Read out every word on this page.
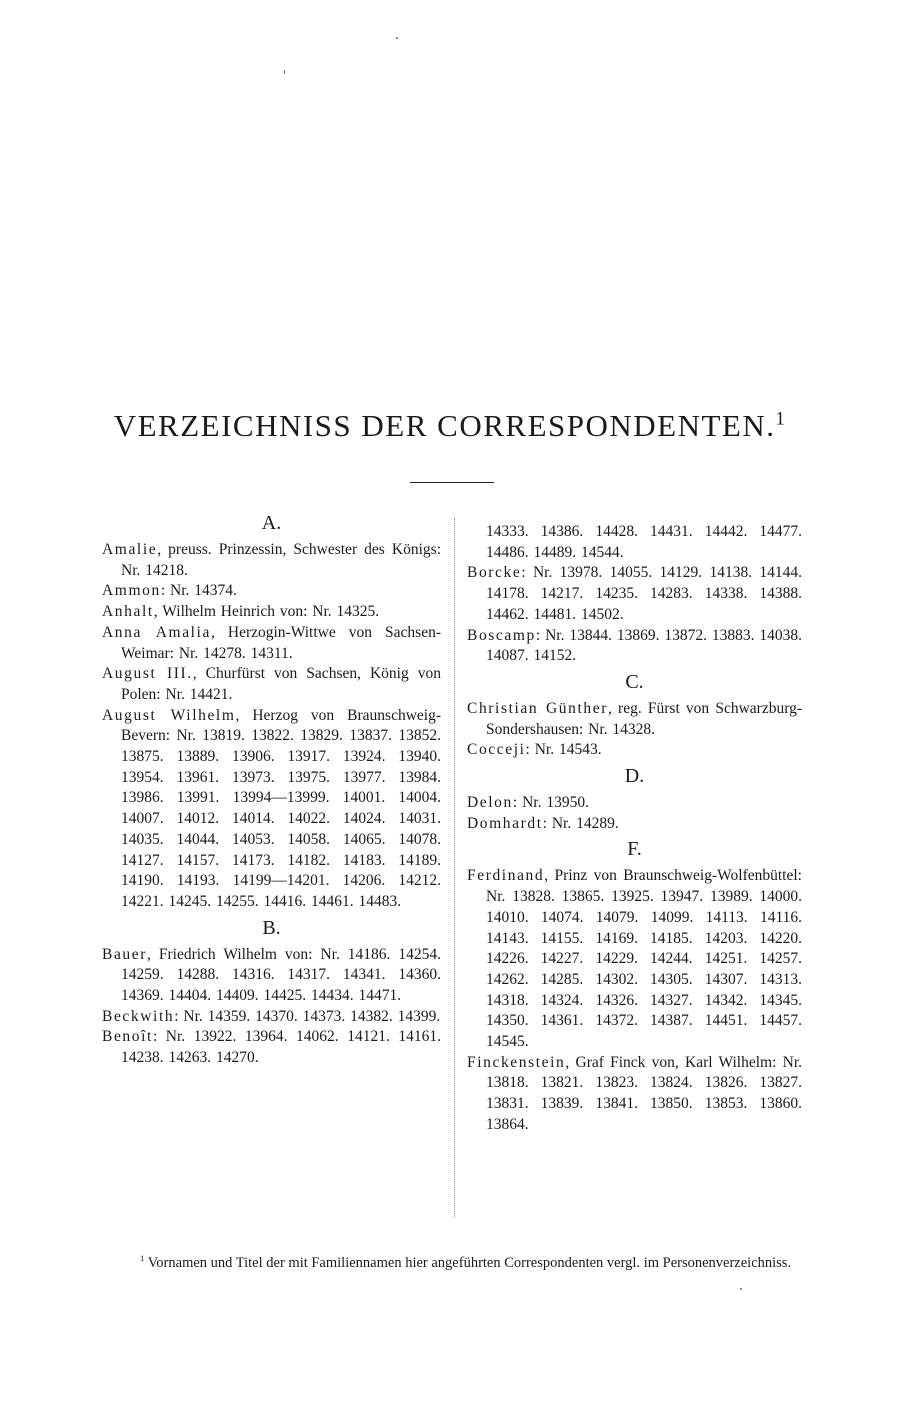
VERZEICHNISS DER CORRESPONDENTEN.$^1$
A.
Amalie, preuss. Prinzessin, Schwester des Königs: Nr. 14218.
Ammon: Nr. 14374.
Anhalt, Wilhelm Heinrich von: Nr. 14325.
Anna Amalia, Herzogin-Wittwe von Sachsen-Weimar: Nr. 14278. 14311.
August III., Churfürst von Sachsen, König von Polen: Nr. 14421.
August Wilhelm, Herzog von Braunschweig-Bevern: Nr. 13819. 13822. 13829. 13837. 13852. 13875. 13889. 13906. 13917. 13924. 13940. 13954. 13961. 13973. 13975. 13977. 13984. 13986. 13991. 13994—13999. 14001. 14004. 14007. 14012. 14014. 14022. 14024. 14031. 14035. 14044. 14053. 14058. 14065. 14078. 14127. 14157. 14173. 14182. 14183. 14189. 14190. 14193. 14199—14201. 14206. 14212. 14221. 14245. 14255. 14416. 14461. 14483.
B.
Bauer, Friedrich Wilhelm von: Nr. 14186. 14254. 14259. 14288. 14316. 14317. 14341. 14360. 14369. 14404. 14409. 14425. 14434. 14471.
Beckwith: Nr. 14359. 14370. 14373. 14382. 14399.
Benoît: Nr. 13922. 13964. 14062. 14121. 14161. 14238. 14263. 14270.
14333. 14386. 14428. 14431. 14442. 14477. 14486. 14489. 14544.
Borcke: Nr. 13978. 14055. 14129. 14138. 14144. 14178. 14217. 14235. 14283. 14338. 14388. 14462. 14481. 14502.
Boscamp: Nr. 13844. 13869. 13872. 13883. 14038. 14087. 14152.
C.
Christian Günther, reg. Fürst von Schwarzburg-Sondershausen: Nr. 14328.
Cocceji: Nr. 14543.
D.
Delon: Nr. 13950.
Domhardt: Nr. 14289.
F.
Ferdinand, Prinz von Braunschweig-Wolfenbüttel: Nr. 13828. 13865. 13925. 13947. 13989. 14000. 14010. 14074. 14079. 14099. 14113. 14116. 14143. 14155. 14169. 14185. 14203. 14220. 14226. 14227. 14229. 14244. 14251. 14257. 14262. 14285. 14302. 14305. 14307. 14313. 14318. 14324. 14326. 14327. 14342. 14345. 14350. 14361. 14372. 14387. 14451. 14457. 14545.
Finckenstein, Graf Finck von, Karl Wilhelm: Nr. 13818. 13821. 13823. 13824. 13826. 13827. 13831. 13839. 13841. 13850. 13853. 13860. 13864.
$^1$ Vornamen und Titel der mit Familiennamen hier angeführten Correspondenten vergl. im Personenverzeichniss.
